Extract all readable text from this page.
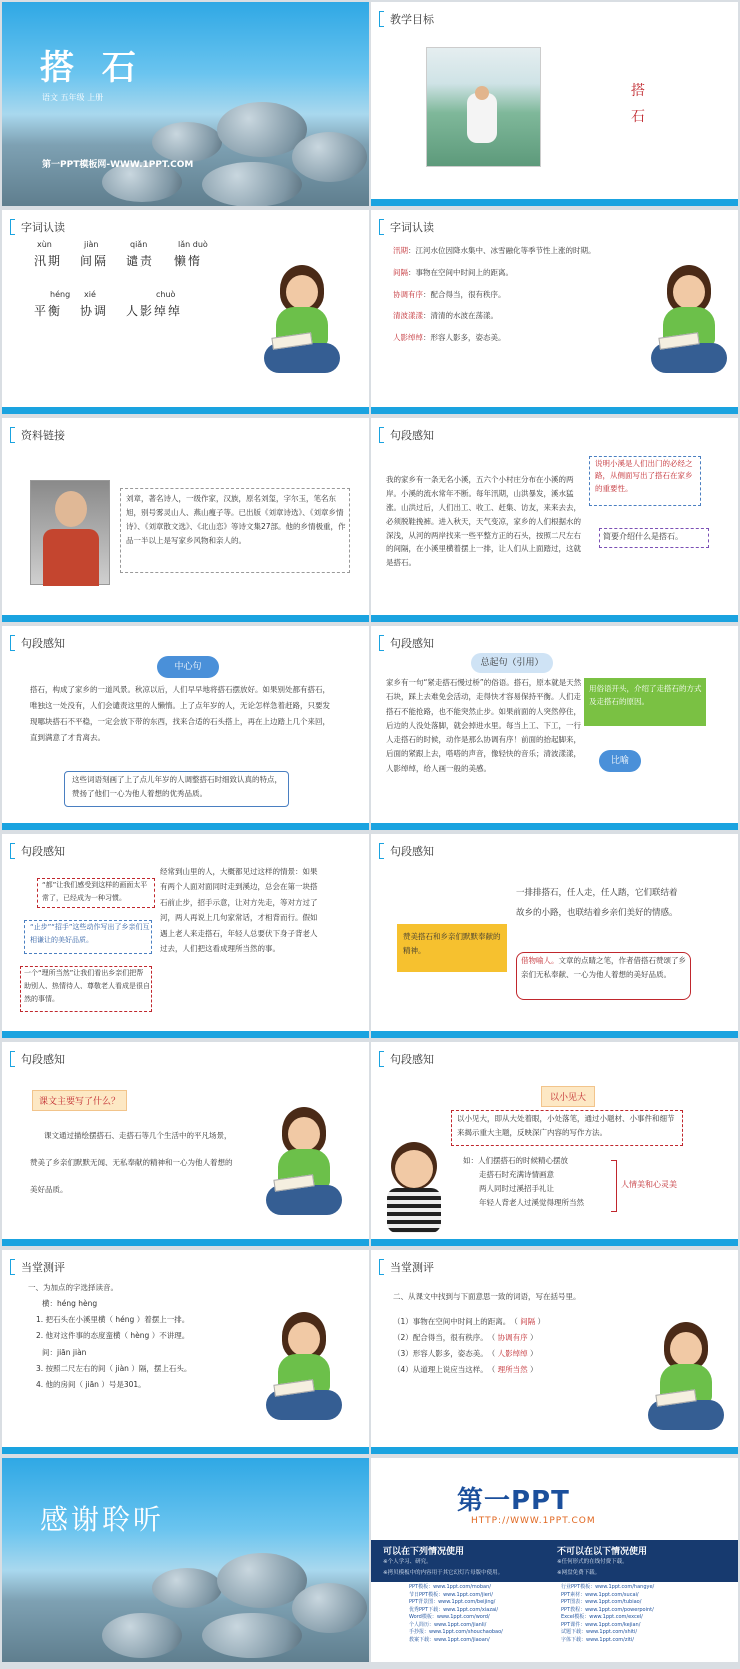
搭 石
语文 五年级 上册
第一PPT模板网-WWW.1PPT.COM
教学目标
搭
石
字词认读
xùn
汛期
jiàn
间隔
qiǎn
谴责
lǎn duò
懒惰
héng
平衡
xié
协调
chuò
人影绰绰
字词认读
汛期：江河水位因降水集中、冰雪融化等季节性上涨的时期。
间隔：事物在空间中时间上的距离。
协调有序：配合得当，很有秩序。
清波漾漾：清清的水波在荡漾。
人影绰绰：形容人影多，姿态美。
资料链接
刘章，著名诗人，一级作家，汉族，原名刘玺，字尔玉，笔名东旭，别号雾灵山人、燕山瘦子等。已出版《刘章诗选》、《刘章乡情诗》、《刘章散文选》、《北山恋》等诗文集27部。他的乡情极重，作品一半以上是写家乡风物和亲人的。
句段感知
我的家乡有一条无名小溪，五六个小村庄分布在小溪的两岸。小溪的流水常年不断。每年汛期，山洪暴发，溪水猛涨。山洪过后，人们出工、收工、赶集、访友，来来去去，必须脱鞋挽裤。进入秋天，天气变凉，家乡的人们根据水的深浅，从河的两岸找来一些平整方正的石头，按照二尺左右的间隔，在小溪里横着摆上一排，让人们从上面踏过，这就是搭石。
说明小溪是人们出门的必经之路，从侧面写出了搭石在家乡的重要性。
简要介绍什么是搭石。
句段感知
中心句
搭石，构成了家乡的一道风景。秋凉以后，人们早早地将搭石摆放好。如果别处都有搭石，唯独这一处没有，人们会谴责这里的人懒惰。上了点年岁的人，无论怎样急着赶路，只要发现哪块搭石不平稳，一定会放下带的东西，找来合适的石头搭上，再在上边踏上几个来回，直到满意了才肯离去。
这些词语刻画了上了点儿年岁的人调整搭石时细致认真的特点，赞扬了他们一心为他人着想的优秀品质。
句段感知
总起句（引用）
家乡有一句“紧走搭石慢过桥”的俗语。搭石，原本就是天然石块，踩上去难免会活动，走得快才容易保持平衡。人们走搭石不能抢路，也不能突然止步。如果前面的人突然停住，后边的人没处落脚，就会掉进水里。每当上工、下工，一行人走搭石的时候，动作是那么协调有序！前面的抬起脚来，后面的紧跟上去，嗒嗒的声音，像轻快的音乐；清波漾漾，人影绰绰，给人画一般的美感。
用俗语开头，介绍了走搭石的方式及走搭石的原因。
比喻
句段感知
经常到山里的人，大概都见过这样的情景：如果有两个人面对面同时走到溪边，总会在第一块搭石前止步，招手示意，让对方先走，等对方过了河，两人再说上几句家常话，才相背而行。假如遇上老人来走搭石，年轻人总要伏下身子背老人过去，人们把这看成理所当然的事。
“都”让我们感受到这样的画面太平常了，已经成为一种习惯。
“止步”“招手”这些动作写出了乡亲们互相谦让的美好品质。
一个“理所当然”让我们看出乡亲们把帮助别人、热情待人、尊敬老人看成是很自然的事情。
句段感知
一排排搭石，任人走，任人踏，它们联结着故乡的小路，也联结着乡亲们美好的情感。
赞美搭石和乡亲们默默奉献的精神。
借物喻人。文章的点睛之笔，作者借搭石赞颂了乡亲们无私奉献、一心为他人着想的美好品质。
句段感知
课文主要写了什么？
课文通过描绘摆搭石、走搭石等几个生活中的平凡场景，赞美了乡亲们默默无闻、无私奉献的精神和一心为他人着想的美好品质。
句段感知
以小见大
以小见大，即从大处着眼，小处落笔，通过小题材、小事件和细节来揭示重大主题，反映深广内容的写作方法。
如：人们摆搭石的时候精心摆放
走搭石时充满诗情画意
两人同时过溪招手礼让
年轻人背老人过溪觉得理所当然
人情美和心灵美
当堂测评
一、为加点的字选择读音。
横：héng hèng
1. 把石头在小溪里横（ héng ）着摆上一排。
2. 他对这件事的态度蛮横（ hèng ）不讲理。
间：jiān jiàn
3. 按照二尺左右的间（ jiàn ）隔，摆上石头。
4. 他的房间（ jiān ）号是301。
当堂测评
二、从课文中找到与下面意思一致的词语，写在括号里。
（1）事物在空间中时间上的距离。　（ 间隔 ）
（2）配合得当，很有秩序。　（ 协调有序 ）
（3）形容人影多，姿态美。　（ 人影绰绰 ）
（4）从道理上说应当这样。　（ 理所当然 ）
感谢聆听
第一PPT
HTTP://WWW.1PPT.COM
可以在下列情况使用
※个人学习、研究。
※拷贝模板中的内容用于其它幻灯片母版中使用。
不可以在以下情况使用
※任何形式的在线付费下载。
※网盘免费下载。
PPT模板：www.1ppt.com/moban/
节日PPT模板：www.1ppt.com/jieri/
PPT背景图：www.1ppt.com/beijing/
优秀PPT下载：www.1ppt.com/xiazai/
Word模板：www.1ppt.com/word/
个人简历：www.1ppt.com/jianli/
手抄报：www.1ppt.com/shouchaobao/
教案下载：www.1ppt.com/jiaoan/
行业PPT模板：www.1ppt.com/hangye/
PPT素材：www.1ppt.com/sucai/
PPT图表：www.1ppt.com/tubiao/
PPT教程：www.1ppt.com/powerpoint/
Excel模板：www.1ppt.com/excel/
PPT课件：www.1ppt.com/kejian/
试题下载：www.1ppt.com/shiti/
字体下载：www.1ppt.com/ziti/
